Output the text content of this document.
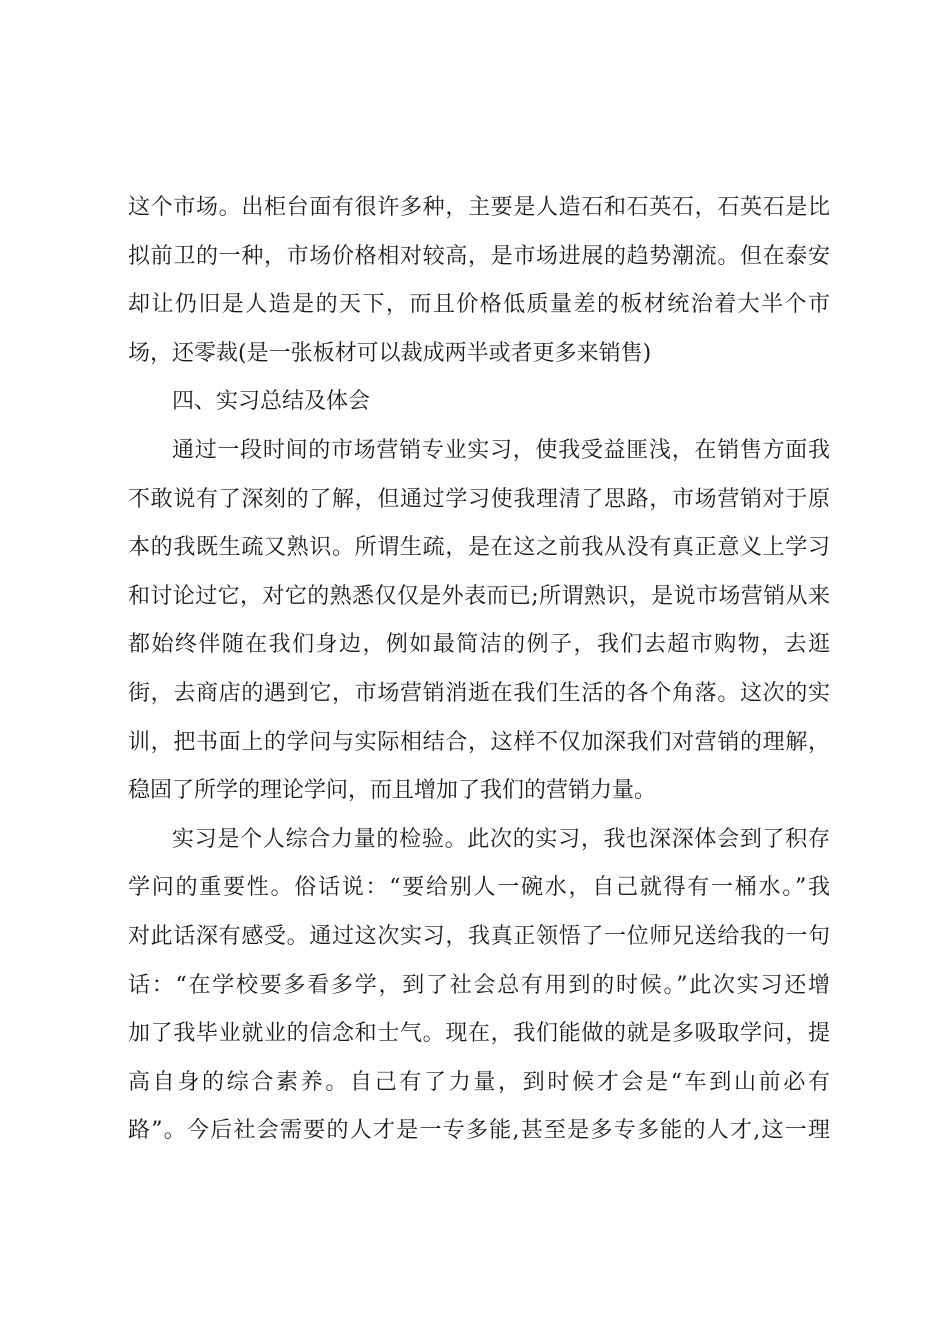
这个市场。出柜台面有很许多种，主要是人造石和石英石，石英石是比
拟前卫的一种，市场价格相对较高，是市场进展的趋势潮流。但在泰安
却让仍旧是人造是的天下，而且价格低质量差的板材统治着大半个市
场，还零裁(是一张板材可以裁成两半或者更多来销售)
四、实习总结及体会
通过一段时间的市场营销专业实习，使我受益匪浅，在销售方面我
不敢说有了深刻的了解，但通过学习使我理清了思路，市场营销对于原
本的我既生疏又熟识。所谓生疏，是在这之前我从没有真正意义上学习
和讨论过它，对它的熟悉仅仅是外表而已;所谓熟识，是说市场营销从来
都始终伴随在我们身边，例如最简洁的例子，我们去超市购物，去逛
街，去商店的遇到它，市场营销消逝在我们生活的各个角落。这次的实
训，把书面上的学问与实际相结合，这样不仅加深我们对营销的理解，
稳固了所学的理论学问，而且增加了我们的营销力量。
实习是个人综合力量的检验。此次的实习，我也深深体会到了积存
学问的重要性。俗话说：“要给别人一碗水，自己就得有一桶水。”我
对此话深有感受。通过这次实习，我真正领悟了一位师兄送给我的一句
话：“在学校要多看多学，到了社会总有用到的时候。”此次实习还增
加了我毕业就业的信念和士气。现在，我们能做的就是多吸取学问，提
高自身的综合素养。自己有了力量，到时候才会是“车到山前必有
路”。今后社会需要的人才是一专多能,甚至是多专多能的人才,这一理
